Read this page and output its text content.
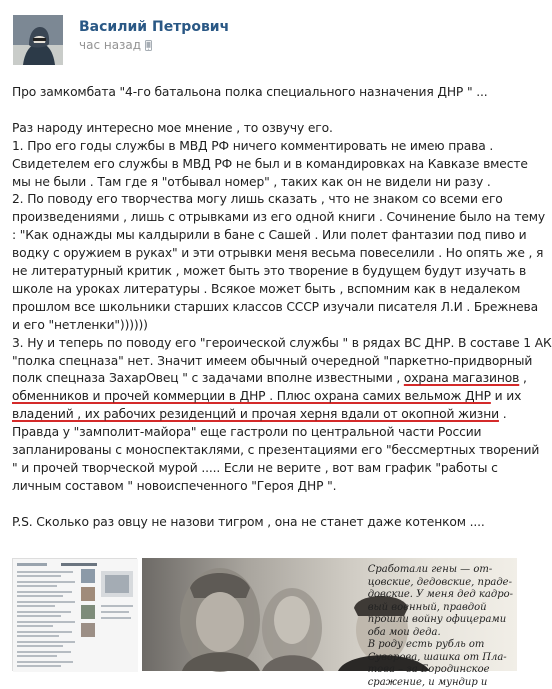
Василий Петрович
час назад

Про замкомбата "4-го батальона полка специального назначения ДНР " ...

Раз народу интересно мое мнение , то озвучу его.

1. Про его годы службы в МВД РФ ничего комментировать не имею права .

Свидетелем его службы в МВД РФ не был и в командировках на Кавказе вместе

мы не были . Там где я "отбывал номер" , таких как он не видели ни разу .

2. По поводу его творчества могу лишь сказать , что не знаком со всеми его

произведениями , лишь с отрывками из его одной книги . Сочинение было на тему

: "Как однажды мы калдырили в бане с Сашей . Или полет фантазии под пиво и

водку с оружием в руках" и эти отрывки меня весьма повеселили . Но опять же , я

не литературный критик , может быть это творение в будущем будут изучать в

школе на уроках литературы . Всякое может быть , вспомним как в недалеком

прошлом все школьники старших классов СССР изучали писателя Л.И . Брежнева

и его "нетленки"))))))

3. Ну и теперь по поводу его "героической службы " в рядах ВС ДНР. В составе 1 АК

"полка спецназа" нет. Значит имеем обычный очередной "паркетно-придворный

полк спецназа ЗахарОвец " с задачами вполне известными , охрана магазинов ,

обменников и прочей коммерции в ДНР . Плюс охрана самих вельмож ДНР и их

владений , их рабочих резиденций и прочая херня вдали от окопной жизни .

Правда у "замполит-майора" еще гастроли по центральной части России

запланированы с моноспектаклями, с презентациями его "бессмертных творений

" и прочей творческой мурой ..... Если не верите , вот вам график "работы с

личным составом " новоиспеченного "Героя ДНР ".

P.S. Сколько раз овцу не назови тигром , она не станет даже котенком ....

Сработали гены — от-
цовские, дедовские, праде-
довские. У меня дед кадро-
вый военный, правдой
прошли войну офицерами
оба мои деда.
В роду есть рубль от
Суворова, шашка от Пла-
това – за Бородинское
сражение, и мундир и
